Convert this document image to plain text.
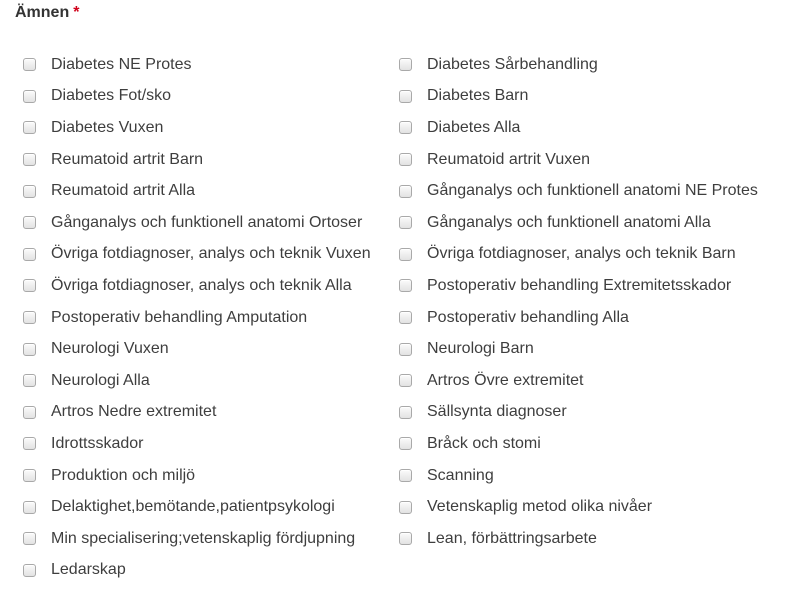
Ämnen *
Diabetes NE Protes
Diabetes Fot/sko
Diabetes Vuxen
Reumatoid artrit Barn
Reumatoid artrit Alla
Gånganalys och funktionell anatomi Ortoser
Övriga fotdiagnoser, analys och teknik Vuxen
Övriga fotdiagnoser, analys och teknik Alla
Postoperativ behandling Amputation
Neurologi Vuxen
Neurologi Alla
Artros Nedre extremitet
Idrottsskador
Produktion och miljö
Delaktighet,bemötande,patientpsykologi
Min specialisering;vetenskaplig fördjupning
Ledarskap
Diabetes Sårbehandling
Diabetes Barn
Diabetes Alla
Reumatoid artrit Vuxen
Gånganalys och funktionell anatomi NE Protes
Gånganalys och funktionell anatomi Alla
Övriga fotdiagnoser, analys och teknik Barn
Postoperativ behandling Extremitetsskador
Postoperativ behandling Alla
Neurologi Barn
Artros Övre extremitet
Sällsynta diagnoser
Bråck och stomi
Scanning
Vetenskaplig metod olika nivåer
Lean, förbättringsarbete
